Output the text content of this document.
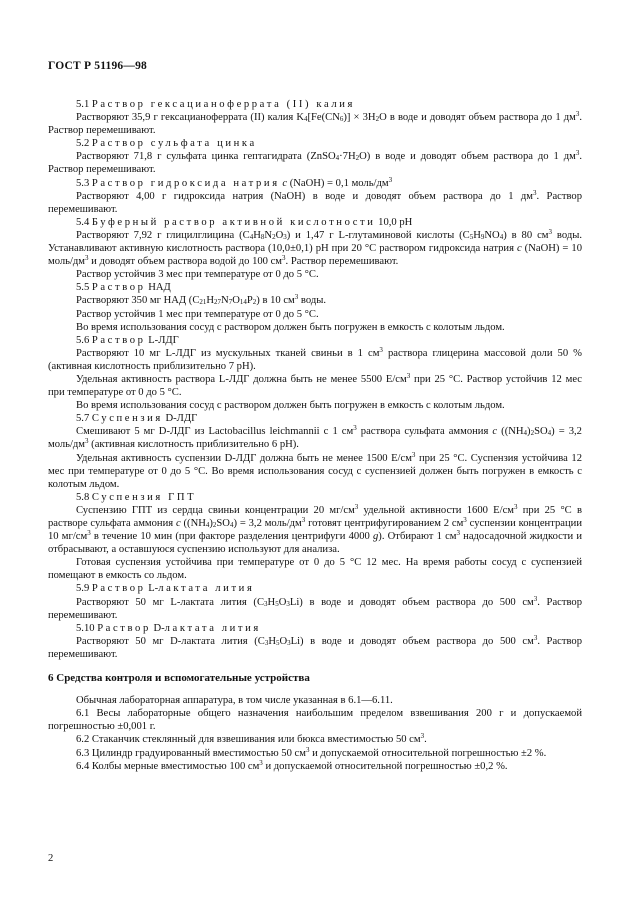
ГОСТ Р 51196—98

5.1 Раствор гексацианоферрата (II) калия

Растворяют 35,9 г гексацианоферрата (II) калия $K_4[Fe(CN_6)] \times 3H_2O$ в воде и доводят объем раствора до 1 $дм^3$. Раствор перемешивают.

5.2 Раствор сульфата цинка

Растворяют 71,8 г сульфата цинка гептагидрата $(ZnSO_4\cdot 7H_2O)$ в воде и доводят объем раствора до 1 $дм^3$. Раствор перемешивают.

5.3 Раствор гидроксида натрия c (NaOH) = 0,1 моль/$дм^3$

Растворяют 4,00 г гидроксида натрия (NaOH) в воде и доводят объем раствора до 1 $дм^3$. Раствор перемешивают.

5.4 Буферный раствор активной кислотности 10,0 pH

Растворяют 7,92 г глицилглицина $(C_4H_8N_2O_3)$ и 1,47 г L-глутаминовой кислоты $(C_5H_9NO_4)$ в 80 $см^3$ воды. Устанавливают активную кислотность раствора (10,0±0,1) pH при 20 °C раствором гидроксида натрия c (NaOH) = 10 моль/$дм^3$ и доводят объем раствора водой до 100 $см^3$. Раствор перемешивают.

Раствор устойчив 3 мес при температуре от 0 до 5 °C.

5.5 Раствор НАД

Растворяют 350 мг НАД $(C_{21}H_{27}N_7O_{14}P_2)$ в 10 $см^3$ воды.

Раствор устойчив 1 мес при температуре от 0 до 5 °C.

Во время использования сосуд с раствором должен быть погружен в емкость с колотым льдом.

5.6 Раствор L-ЛДГ

Растворяют 10 мг L-ЛДГ из мускульных тканей свиньи в 1 $см^3$ раствора глицерина массовой доли 50 % (активная кислотность приблизительно 7 pH).

Удельная активность раствора L-ЛДГ должна быть не менее 5500 $Е/см^3$ при 25 °C. Раствор устойчив 12 мес при температуре от 0 до 5 °C.

Во время использования сосуд с раствором должен быть погружен в емкость с колотым льдом.

5.7 Суспензия D-ЛДГ

Смешивают 5 мг D-ЛДГ из Lactobacillus leichmannii с 1 $см^3$ раствора сульфата аммония c $((NH_4)_2SO_4) = 3,2$ моль/$дм^3$ (активная кислотность приблизительно 6 pH).

Удельная активность суспензии D-ЛДГ должна быть не менее 1500 $Е/см^3$ при 25 °C. Суспензия устойчива 12 мес при температуре от 0 до 5 °C. Во время использования сосуд с суспензией должен быть погружен в емкость с колотым льдом.

5.8 Суспензия ГПТ

Суспензию ГПТ из сердца свиньи концентрации 20 $мг/см^3$ удельной активности 1600 $Е/см^3$ при 25 °C в растворе сульфата аммония c $((NH_4)_2SO_4) = 3,2$ моль/$дм^3$ готовят центрифугированием 2 $см^3$ суспензии концентрации 10 $мг/см^3$ в течение 10 мин (при факторе разделения центрифуги 4000 g). Отбирают 1 $см^3$ надосадочной жидкости и отбрасывают, а оставшуюся суспензию используют для анализа.

Готовая суспензия устойчива при температуре от 0 до 5 °C 12 мес. На время работы сосуд с суспензией помещают в емкость со льдом.

5.9 Раствор L-лактата лития

Растворяют 50 мг L-лактата лития $(C_3H_5O_3Li)$ в воде и доводят объем раствора до 500 $см^3$. Раствор перемешивают.

5.10 Раствор D-лактата лития

Растворяют 50 мг D-лактата лития $(C_3H_5O_3Li)$ в воде и доводят объем раствора до 500 $см^3$. Раствор перемешивают.

6 Средства контроля и вспомогательные устройства

Обычная лабораторная аппаратура, в том числе указанная в 6.1—6.11.

6.1 Весы лабораторные общего назначения наибольшим пределом взвешивания 200 г и допускаемой погрешностью ±0,001 г.

6.2 Стаканчик стеклянный для взвешивания или бюкса вместимостью 50 $см^3$.

6.3 Цилиндр градуированный вместимостью 50 $см^3$ и допускаемой относительной погрешностью ±2 %.

6.4 Колбы мерные вместимостью 100 $см^3$ и допускаемой относительной погрешностью ±0,2 %.

2
